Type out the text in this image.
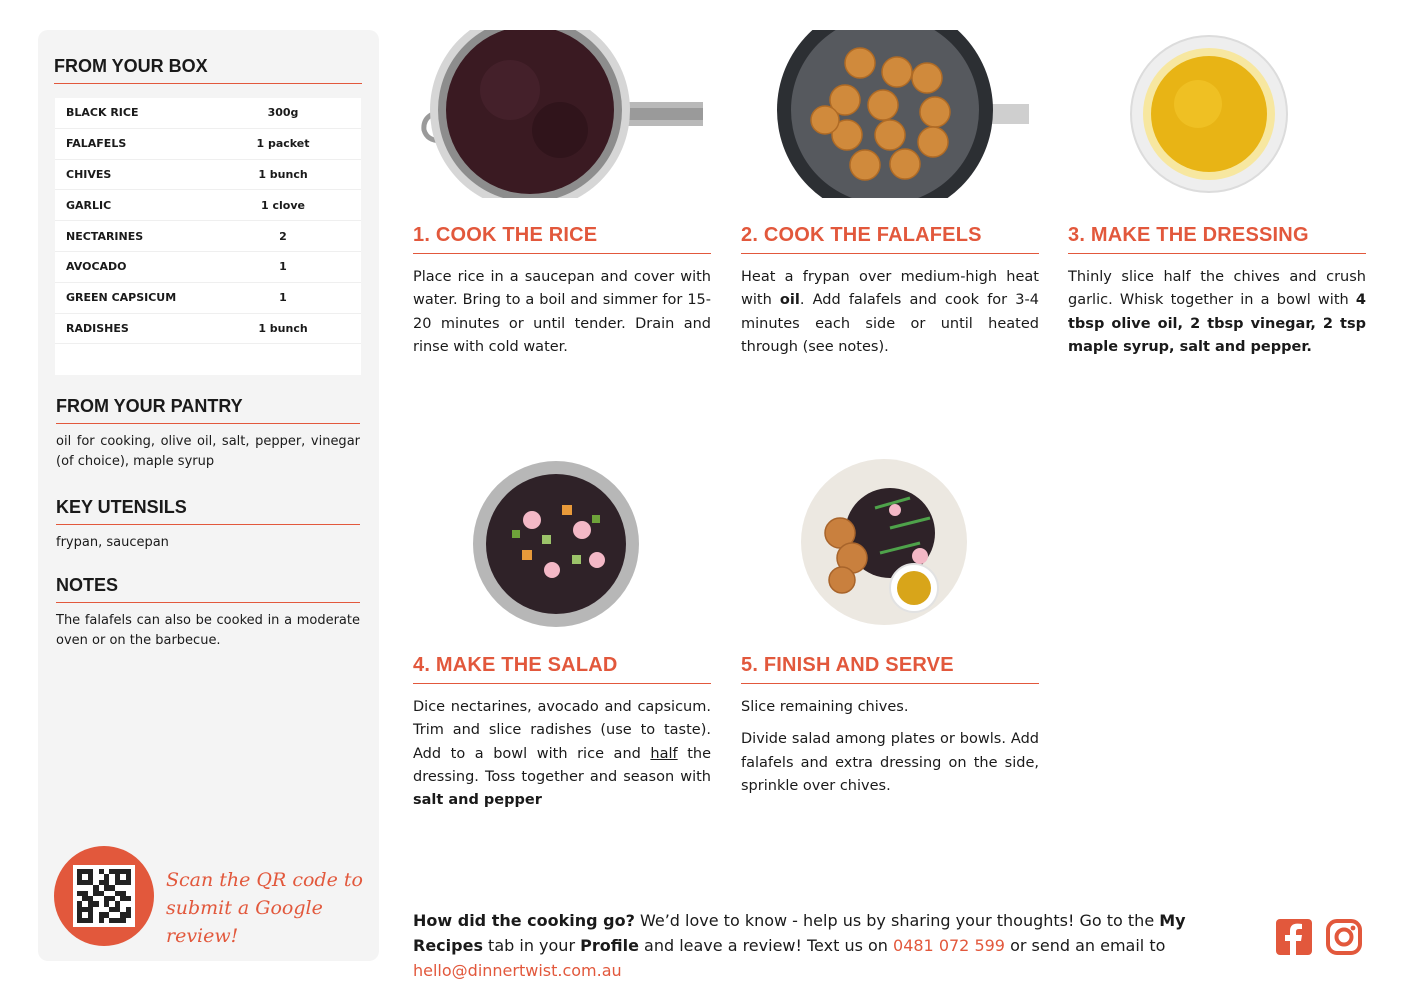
FROM YOUR BOX
BLACK RICE	300g
FALAFELS	1 packet
CHIVES	1 bunch
GARLIC	1 clove
NECTARINES	2
AVOCADO	1
GREEN CAPSICUM	1
RADISHES	1 bunch
FROM YOUR PANTRY
oil for cooking, olive oil, salt, pepper, vinegar (of choice), maple syrup
KEY UTENSILS
frypan, saucepan
NOTES
The falafels can also be cooked in a moderate oven or on the barbecue.
Scan the QR code to
submit a Google review!
1. COOK THE RICE

Place rice in a saucepan and cover with water. Bring to a boil and simmer for 15-20 minutes or until tender. Drain and rinse with cold water.

2. COOK THE FALAFELS

Heat a frypan over medium-high heat with oil. Add falafels and cook for 3-4 minutes each side or until heated through (see notes).

3. MAKE THE DRESSING

Thinly slice half the chives and crush garlic. Whisk together in a bowl with 4 tbsp olive oil, 2 tbsp vinegar, 2 tsp maple syrup, salt and pepper.

4. MAKE THE SALAD

Dice nectarines, avocado and capsicum. Trim and slice radishes (use to taste). Add to a bowl with rice and half the dressing. Toss together and season with salt and pepper

5. FINISH AND SERVE

Slice remaining chives.

Divide salad among plates or bowls. Add falafels and extra dressing on the side, sprinkle over chives.

How did the cooking go? We’d love to know - help us by sharing your thoughts! Go to the My Recipes tab in your Profile and leave a review! Text us on 0481 072 599 or send an email to hello@dinnertwist.com.au
